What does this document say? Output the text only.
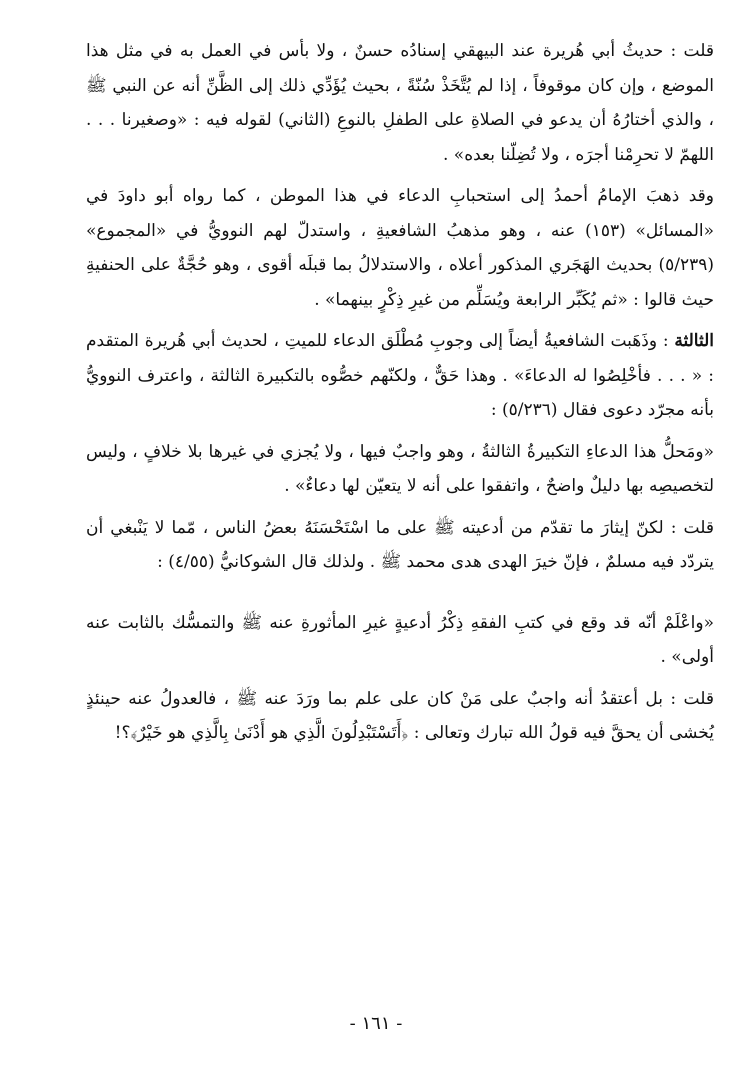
قلت : حديثُ أبي هُريرة عند البيهقي إسنادُه حسنٌ ، ولا بأس في العمل به في مثل هذا الموضع ، وإن كان موقوفاً ، إذا لم يُتَّخَذْ سُنّةً ، بحيث يُؤَدِّي ذلك إلى الظَّنِّ أنه عن النبي ﷺ ، والذي أختارُهُ أن يدعو في الصلاةِ على الطفلِ بالنوعِ (الثاني) لقوله فيه : «وصغيرنا . . . اللهمّ لا تحرِمْنا أجرَه ، ولا تُضِلّنا بعده» .

وقد ذهبَ الإمامُ أحمدُ إلى استحبابِ الدعاء في هذا الموطن ، كما رواه أبو داودَ في «المسائل» (١٥٣) عنه ، وهو مذهبُ الشافعيةِ ، واستدلّ لهم النوويُّ في «المجموع» (٥/٢٣٩) بحديث الهَجَري المذكور أعلاه ، والاستدلالُ بما قبلَه أقوى ، وهو حُجَّةٌ على الحنفيةِ حيث قالوا : «ثم يُكَبِّر الرابعة ويُسَلِّم من غيرِ ذِكْرٍ بينهما» .

الثالثة : وذَهَبت الشافعيةُ أيضاً إلى وجوبِ مُطْلَق الدعاء للميتِ ، لحديث أبي هُريرة المتقدم : « . . . فأخْلِصُوا له الدعاءَ» . وهذا حَقٌّ ، ولكنّهم خصُّوه بالتكبيرة الثالثة ، واعترف النوويُّ بأنه مجرّد دعوى فقال (٥/٢٣٦) :

«ومَحلُّ هذا الدعاءِ التكبيرةُ الثالثةُ ، وهو واجبٌ فيها ، ولا يُجزي في غيرها بلا خلافٍ ، وليس لتخصيصِه بها دليلٌ واضحٌ ، واتفقوا على أنه لا يتعيّن لها دعاءٌ» .

قلت : لكنّ إيثارَ ما تقدّم من أدعيته ﷺ على ما اسْتَحْسَنَهُ بعضُ الناس ، مّما لا يَنْبغي أن يتردّد فيه مسلمٌ ، فإنّ خيرَ الهدى هدى محمد ﷺ . ولذلك قال الشوكانيُّ (٤/٥٥) :

«واعْلَمْ أنّه قد وقع في كتبِ الفقهِ ذِكْرُ أدعيةٍ غيرِ المأثورةِ عنه ﷺ والتمسُّك بالثابت عنه أولى» .

قلت : بل أعتقدُ أنه واجبٌ على مَنْ كان على علم بما ورَدَ عنه ﷺ ، فالعدولُ عنه حينئذٍ يُخشى أن يحقَّ فيه قولُ الله تبارك وتعالى : ﴿أَتَسْتَبْدِلُونَ الَّذِي هو أَدْنَىٰ بِالَّذِي هو خَيْرٌ﴾؟!

- ١٦١ -
